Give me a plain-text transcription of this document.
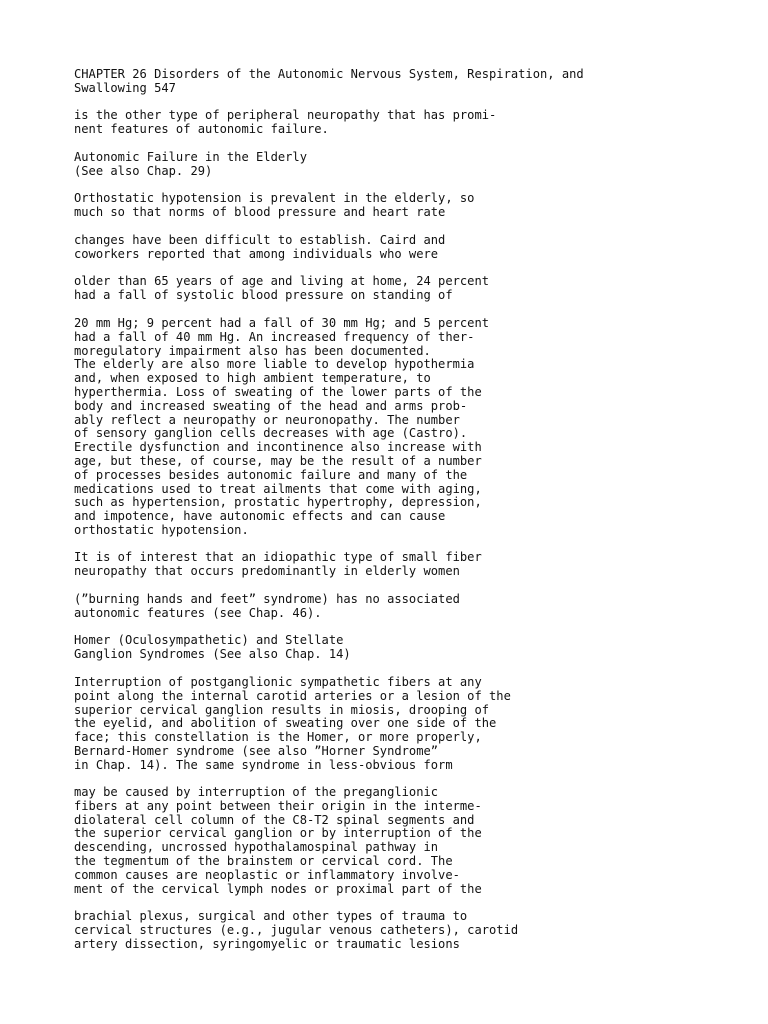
CHAPTER 26 Disorders of the Autonomic Nervous System, Respiration, and
Swallowing 547

is the other type of peripheral neuropathy that has promi-
nent features of autonomic failure.

Autonomic Failure in the Elderly
(See also Chap. 29)

Orthostatic hypotension is prevalent in the elderly, so
much so that norms of blood pressure and heart rate

changes have been difficult to establish. Caird and
coworkers reported that among individuals who were

older than 65 years of age and living at home, 24 percent
had a fall of systolic blood pressure on standing of

20 mm Hg; 9 percent had a fall of 30 mm Hg; and 5 percent
had a fall of 40 mm Hg. An increased frequency of ther-
moregulatory impairment also has been documented.
The elderly are also more liable to develop hypothermia
and, when exposed to high ambient temperature, to
hyperthermia. Loss of sweating of the lower parts of the
body and increased sweating of the head and arms prob-
ably reflect a neuropathy or neuronopathy. The number
of sensory ganglion cells decreases with age (Castro).
Erectile dysfunction and incontinence also increase with
age, but these, of course, may be the result of a number
of processes besides autonomic failure and many of the
medications used to treat ailments that come with aging,
such as hypertension, prostatic hypertrophy, depression,
and impotence, have autonomic effects and can cause
orthostatic hypotension.

It is of interest that an idiopathic type of small fiber
neuropathy that occurs predominantly in elderly women

(”burning hands and feet” syndrome) has no associated
autonomic features (see Chap. 46).

Homer (Oculosympathetic) and Stellate
Ganglion Syndromes (See also Chap. 14)

Interruption of postganglionic sympathetic fibers at any
point along the internal carotid arteries or a lesion of the
superior cervical ganglion results in miosis, drooping of
the eyelid, and abolition of sweating over one side of the
face; this constellation is the Homer, or more properly,
Bernard-Homer syndrome (see also ”Horner Syndrome”
in Chap. 14). The same syndrome in less-obvious form

may be caused by interruption of the preganglionic
fibers at any point between their origin in the interme-
diolateral cell column of the C8-T2 spinal segments and
the superior cervical ganglion or by interruption of the
descending, uncrossed hypothalamospinal pathway in
the tegmentum of the brainstem or cervical cord. The
common causes are neoplastic or inflammatory involve-
ment of the cervical lymph nodes or proximal part of the

brachial plexus, surgical and other types of trauma to
cervical structures (e.g., jugular venous catheters), carotid
artery dissection, syringomyelic or traumatic lesions
